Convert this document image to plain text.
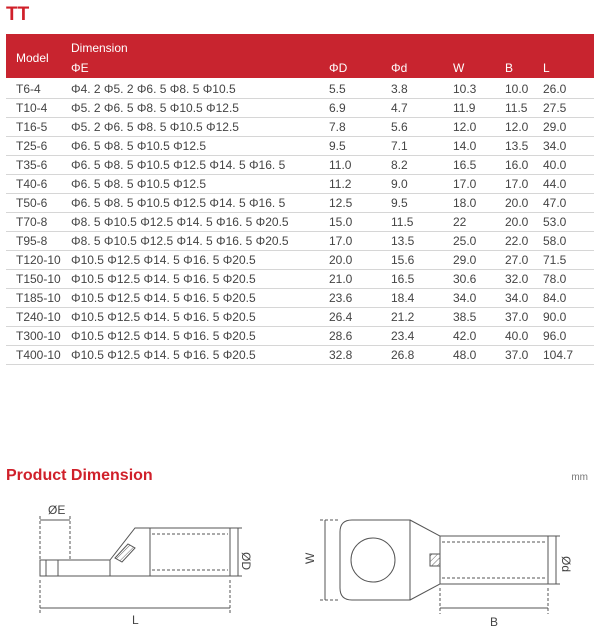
TT
Model	Dimension					
	ΦE	ΦD	Φd	W	B	L
T6-4	Φ4. 2 Φ5. 2 Φ6. 5 Φ8. 5 Φ10.5	5.5	3.8	10.3	10.0	26.0
T10-4	Φ5. 2 Φ6. 5 Φ8. 5 Φ10.5 Φ12.5	6.9	4.7	11.9	11.5	27.5
T16-5	Φ5. 2 Φ6. 5 Φ8. 5 Φ10.5 Φ12.5	7.8	5.6	12.0	12.0	29.0
T25-6	Φ6. 5 Φ8. 5 Φ10.5 Φ12.5	9.5	7.1	14.0	13.5	34.0
T35-6	Φ6. 5 Φ8. 5 Φ10.5 Φ12.5 Φ14. 5 Φ16. 5	11.0	8.2	16.5	16.0	40.0
T40-6	Φ6. 5 Φ8. 5 Φ10.5 Φ12.5	11.2	9.0	17.0	17.0	44.0
T50-6	Φ6. 5 Φ8. 5 Φ10.5 Φ12.5 Φ14. 5 Φ16. 5	12.5	9.5	18.0	20.0	47.0
T70-8	Φ8. 5 Φ10.5 Φ12.5 Φ14. 5 Φ16. 5 Φ20.5	15.0	11.5	22	20.0	53.0
T95-8	Φ8. 5 Φ10.5 Φ12.5 Φ14. 5 Φ16. 5 Φ20.5	17.0	13.5	25.0	22.0	58.0
T120-10	Φ10.5 Φ12.5 Φ14. 5 Φ16. 5 Φ20.5	20.0	15.6	29.0	27.0	71.5
T150-10	Φ10.5 Φ12.5 Φ14. 5 Φ16. 5 Φ20.5	21.0	16.5	30.6	32.0	78.0
T185-10	Φ10.5 Φ12.5 Φ14. 5 Φ16. 5 Φ20.5	23.6	18.4	34.0	34.0	84.0
T240-10	Φ10.5 Φ12.5 Φ14. 5 Φ16. 5 Φ20.5	26.4	21.2	38.5	37.0	90.0
T300-10	Φ10.5 Φ12.5 Φ14. 5 Φ16. 5 Φ20.5	28.6	23.4	42.0	40.0	96.0
T400-10	Φ10.5 Φ12.5 Φ14. 5 Φ16. 5 Φ20.5	32.8	26.8	48.0	37.0	104.7
Product Dimension	mm
ØE
ØD
L
W	Ød
B
